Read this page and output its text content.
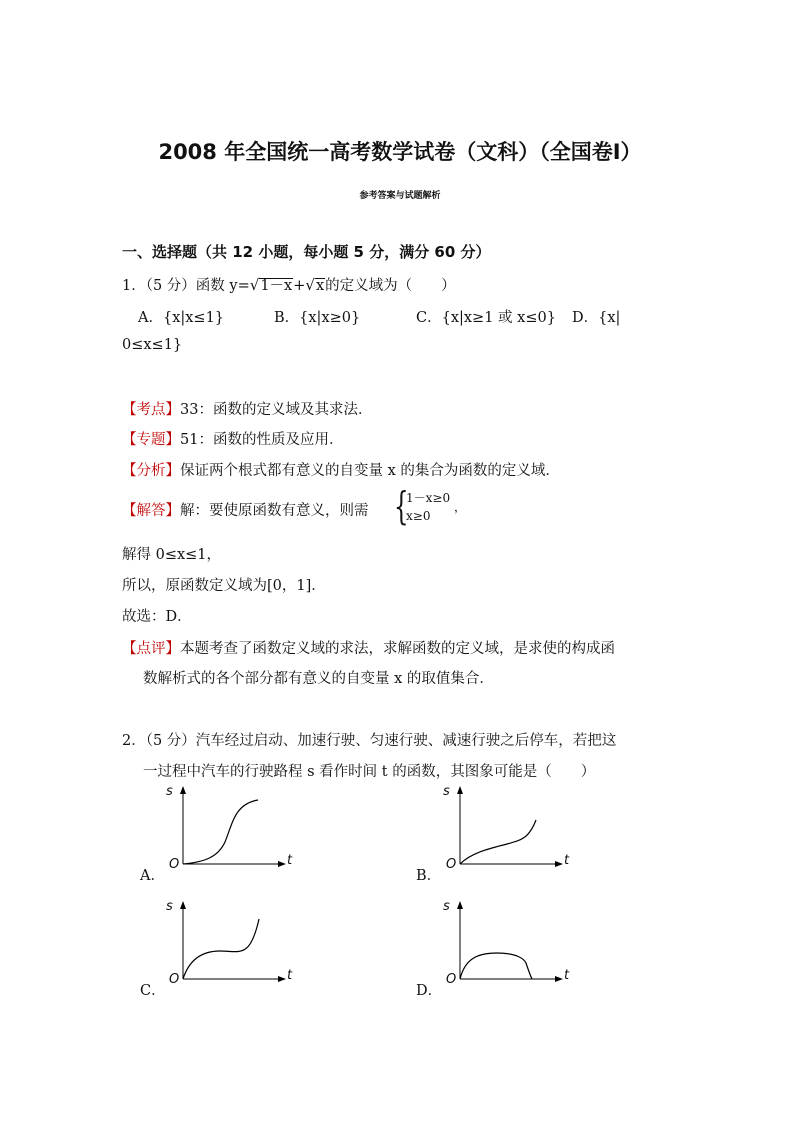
2008 年全国统一高考数学试卷（文科）（全国卷Ⅰ）
参考答案与试题解析
一、选择题（共 12 小题，每小题 5 分，满分 60 分）
1．（5 分）函数 y=√1－x+√x的定义域为（　　）
A．{x|x≤1}	B．{x|x≥0}	C．{x|x≥1 或 x≤0} D．{x|
0≤x≤1}
【考点】33：函数的定义域及其求法．
【专题】51：函数的性质及应用．
【分析】保证两个根式都有意义的自变量 x 的集合为函数的定义域．
【解答】解：要使原函数有意义，则需 {
1－x≥0
x≥0
，
解得 0≤x≤1，
所以，原函数定义域为[0，1]．
故选：D．
【点评】本题考查了函数定义域的求法，求解函数的定义域，是求使的构成函
数解析式的各个部分都有意义的自变量 x 的取值集合．
2．（5 分）汽车经过启动、加速行驶、匀速行驶、减速行驶之后停车，若把这
一过程中汽车的行驶路程 s 看作时间 t 的函数，其图象可能是（　　）
s
t
O
A．
s
t
O
B．
s
t
O
C．
s
t
O
D．
